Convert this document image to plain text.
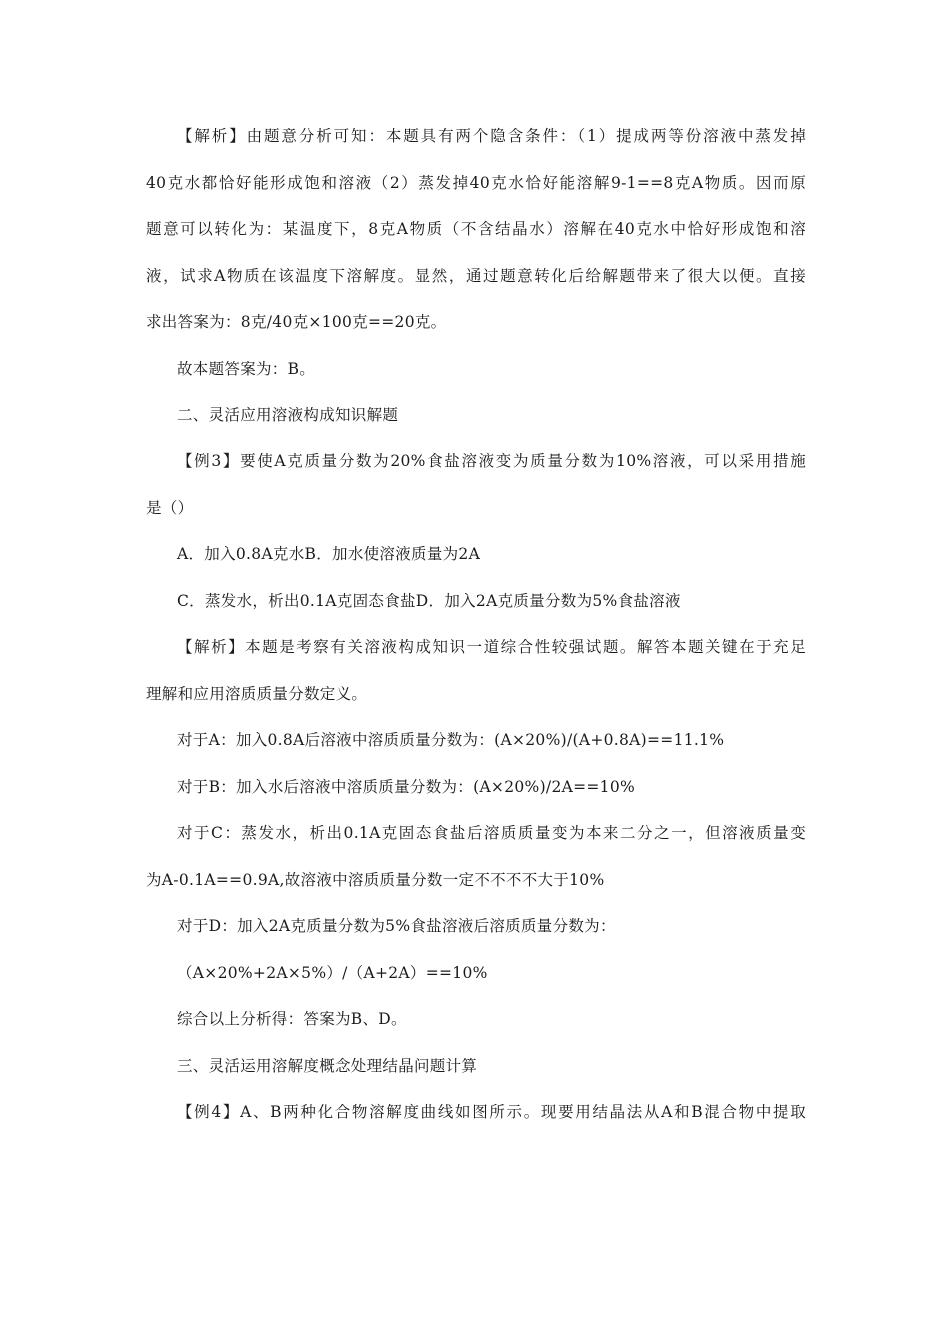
【解析】由题意分析可知：本题具有两个隐含条件：（1）提成两等份溶液中蒸发掉
40克水都恰好能形成饱和溶液（2）蒸发掉40克水恰好能溶解9-1==8克A物质。因而原
题意可以转化为：某温度下，8克A物质（不含结晶水）溶解在40克水中恰好形成饱和溶
液，试求A物质在该温度下溶解度。显然，通过题意转化后给解题带来了很大以便。直接
求出答案为：8克/40克×100克==20克。
故本题答案为：B。
二、灵活应用溶液构成知识解题
【例3】要使A克质量分数为20%食盐溶液变为质量分数为10%溶液，可以采用措施
是（）
A．加入0.8A克水B．加水使溶液质量为2A
C．蒸发水，析出0.1A克固态食盐D．加入2A克质量分数为5%食盐溶液
【解析】本题是考察有关溶液构成知识一道综合性较强试题。解答本题关键在于充足
理解和应用溶质质量分数定义。
对于A：加入0.8A后溶液中溶质质量分数为：(A×20%)/(A+0.8A)==11.1%
对于B：加入水后溶液中溶质质量分数为：(A×20%)/2A==10%
对于C：蒸发水，析出0.1A克固态食盐后溶质质量变为本来二分之一，但溶液质量变
为A-0.1A==0.9A,故溶液中溶质质量分数一定不不不不大于10%
对于D：加入2A克质量分数为5%食盐溶液后溶质质量分数为：
（A×20%+2A×5%）/（A+2A）==10%
综合以上分析得：答案为B、D。
三、灵活运用溶解度概念处理结晶问题计算
【例4】A、B两种化合物溶解度曲线如图所示。现要用结晶法从A和B混合物中提取
